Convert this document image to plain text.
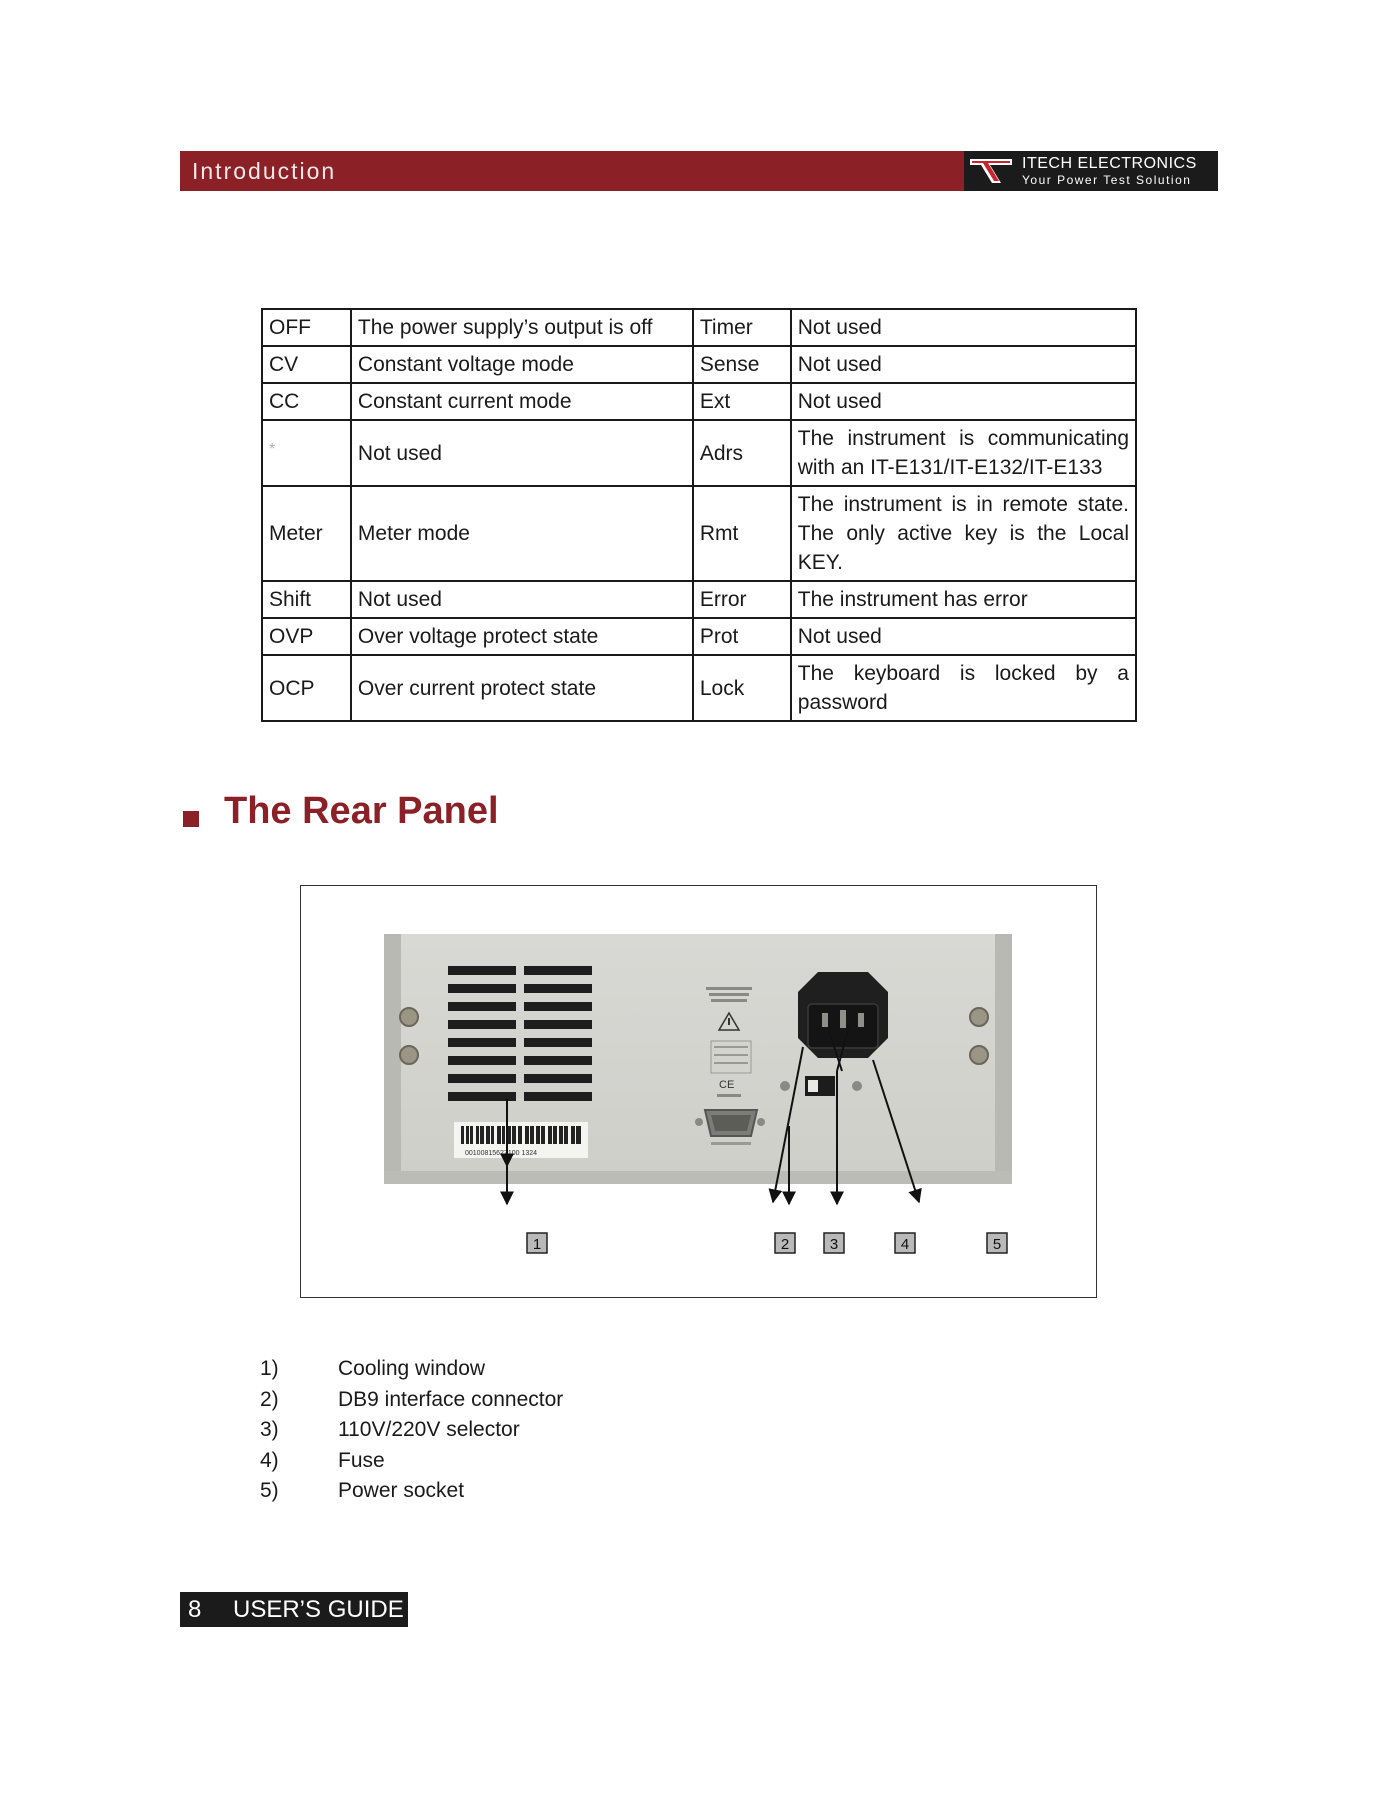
Introduction	ITECH ELECTRONICS
Your Power Test Solution
OFF	The power supply’s output is off	Timer	Not used
CV	Constant voltage mode	Sense	Not used
CC	Constant current mode	Ext	Not used
*	Not used	Adrs	The instrument is communicating with an IT-E131/IT-E132/IT-E133
Meter	Meter mode	Rmt	The instrument is in remote state. The only active key is the Local KEY.
Shift	Not used	Error	The instrument has error
OVP	Over voltage protect state	Prot	Not used
OCP	Over current protect state	Lock	The keyboard is locked by a password
The Rear Panel
00100815627100 1324
CE
1	2	3	4	5
1)	Cooling window
2)	DB9 interface connector
3)	110V/220V selector
4)	Fuse
5)	Power socket
8 USER’S GUIDE
